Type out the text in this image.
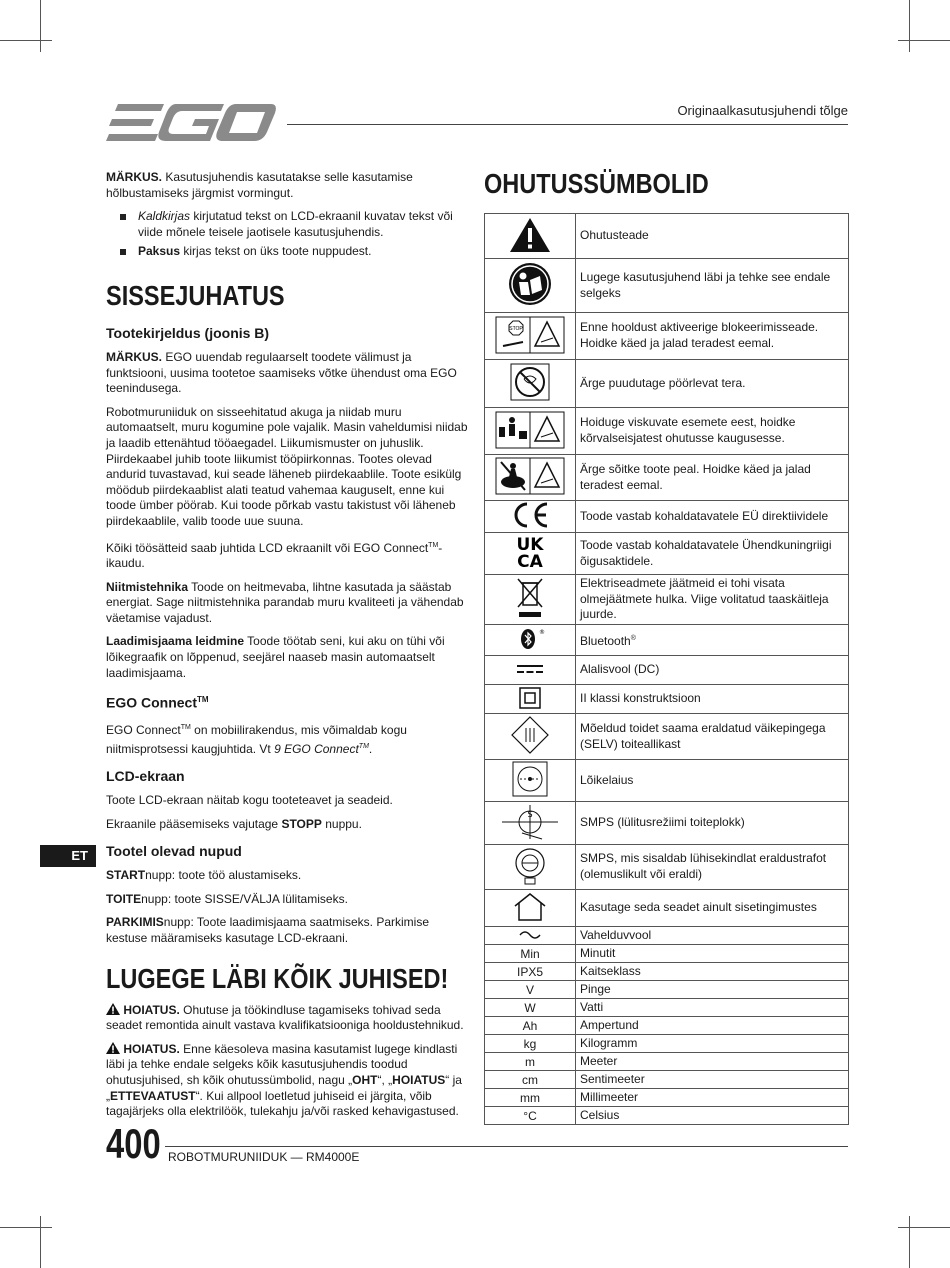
Originaalkasutusjuhendi tõlge

MÄRKUS. Kasutusjuhendis kasutatakse selle kasutamise hõlbustamiseks järgmist vormingut.

Kaldkirjas kirjutatud tekst on LCD-ekraanil kuvatav tekst või viide mõnele teisele jaotisele kasutusjuhendis.
Paksus kirjas tekst on üks toote nuppudest.
SISSEJUHATUS
Tootekirjeldus (joonis B)

MÄRKUS. EGO uuendab regulaarselt toodete välimust ja funktsiooni, uusima tootetoe saamiseks võtke ühendust oma EGO teenindusega.

Robotmuruniiduk on sisseehitatud akuga ja niidab muru automaatselt, muru kogumine pole vajalik. Masin vaheldumisi niidab ja laadib ettenähtud tööaegadel. Liikumismuster on juhuslik. Piirdekaabel juhib toote liikumist tööpiirkonnas. Tootes olevad andurid tuvastavad, kui seade läheneb piirdekaablile. Toote esikülg möödub piirdekaablist alati teatud vahemaa kauguselt, enne kui toode ümber pöörab. Kui toode põrkab vastu takistust või läheneb piirdekaablile, valib toode uue suuna.

Kõiki töösätteid saab juhtida LCD ekraanilt või EGO Connect™-ikaudu.

Niitmistehnika Toode on heitmevaba, lihtne kasutada ja säästab energiat. Sage niitmistehnika parandab muru kvaliteeti ja vähendab väetamise vajadust.

Laadimisjaama leidmine Toode töötab seni, kui aku on tühi või lõikegraafik on lõppenud, seejärel naaseb masin automaatselt laadimisjaama.

EGO Connect™

EGO Connect™ on mobiilirakendus, mis võimaldab kogu niitmisprotsessi kaugjuhtida. Vt 9 EGO Connect™.

LCD-ekraan

Toote LCD-ekraan näitab kogu tooteteavet ja seadeid.

Ekraanile pääsemiseks vajutage STOPP nuppu.

Tootel olevad nupud

STARTnupp: toote töö alustamiseks.

TOITEnupp: toote SISSE/VÄLJA lülitamiseks.

PARKIMISnupp: Toote laadimisjaama saatmiseks. Parkimise kestuse määramiseks kasutage LCD-ekraani.

LUGEGE LÄBI KÕIK JUHISED!

HOIATUS. Ohutuse ja töökindluse tagamiseks tohivad seda seadet remontida ainult vastava kvalifikatsiooniga hooldustehnikud.

HOIATUS. Enne käesoleva masina kasutamist lugege kindlasti läbi ja tehke endale selgeks kõik kasutusjuhendis toodud ohutusjuhised, sh kõik ohutussümbolid, nagu „OHT“, „HOIATUS“ ja „ETTEVAATUST“. Kui allpool loetletud juhiseid ei järgita, võib tagajärjeks olla elektrilöök, tulekahju ja/või rasked kehavigastused.

OHUTUSSÜMBOLID
	Ohutusteade
	Lugege kasutusjuhend läbi ja tehke see endale selgeks

STOP	Enne hooldust aktiveerige blokeerimisseade. Hoidke käed ja jalad teradest eemal.
	Ärge puudutage pöörlevat tera.
	Hoiduge viskuvate esemete eest, hoidke kõrvalseisjatest ohutusse kaugusesse.
	Ärge sõitke toote peal. Hoidke käed ja jalad teradest eemal.
	Toode vastab kohaldatavatele EÜ direktiividele

UK
CA	Toode vastab kohaldatavatele Ühendkuningriigi õigusaktidele.
	Elektriseadmete jäätmeid ei tohi visata olmejäätmete hulka. Viige volitatud taaskäitleja juurde.

®	Bluetooth®
	Alalisvool (DC)
	II klassi konstruktsioon
	Mõeldud toidet saama eraldatud väikepingega (SELV) toiteallikast
	Lõikelaius

S	SMPS (lülitusrežiimi toiteplokk)
	SMPS, mis sisaldab lühisekindlat eraldustrafot (olemuslikult või eraldi)
	Kasutage seda seadet ainult sisetingimustes
	Vahelduvvool
Min	Minutit
IPX5	Kaitseklass
V	Pinge
W	Vatti
Ah	Ampertund
kg	Kilogramm
m	Meeter
cm	Sentimeeter
mm	Millimeeter
°C	Celsius
ET
400 ROBOTMURUNIIDUK — RM4000E
